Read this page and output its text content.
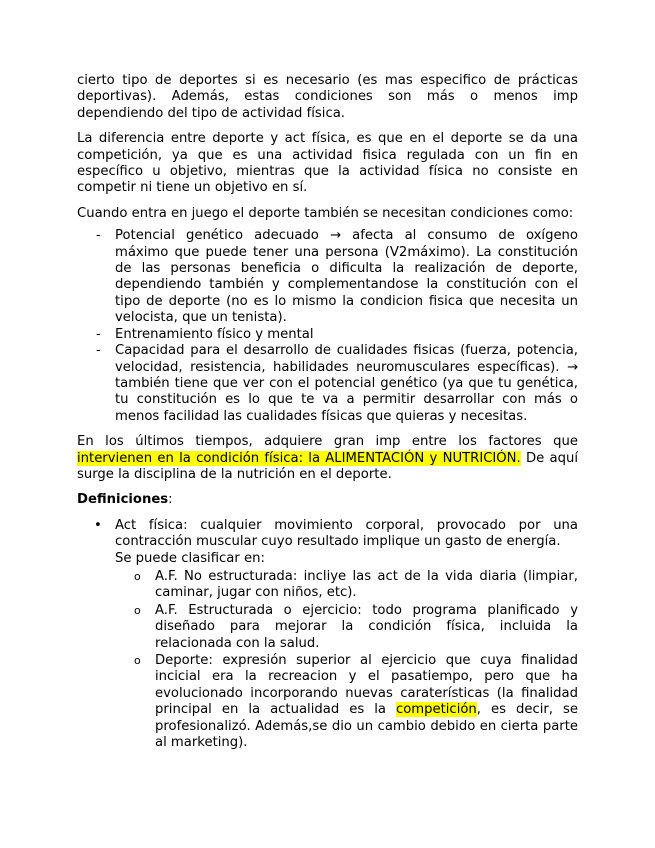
cierto tipo de deportes si es necesario (es mas especifico de prácticas deportivas). Además, estas condiciones son más o menos imp dependiendo del tipo de actividad física.

La diferencia entre deporte y act física, es que en el deporte se da una competición, ya que es una actividad fisica regulada con un fin en específico u objetivo, mientras que la actividad física no consiste en competir ni tiene un objetivo en sí.

Cuando entra en juego el deporte también se necesitan condiciones como:

- Potencial genético adecuado → afecta al consumo de oxígeno máximo que puede tener una persona (V2máximo). La constitución de las personas beneficia o dificulta la realización de deporte, dependiendo también y complementandose la constitución con el tipo de deporte (no es lo mismo la condicion fisica que necesita un velocista, que un tenista).
- Entrenamiento físico y mental
- Capacidad para el desarrollo de cualidades fisicas (fuerza, potencia, velocidad, resistencia, habilidades neuromusculares específicas). → también tiene que ver con el potencial genético (ya que tu genética, tu constitución es lo que te va a permitir desarrollar con más o menos facilidad las cualidades físicas que quieras y necesitas.

En los últimos tiempos, adquiere gran imp entre los factores que intervienen en la condición física: la ALIMENTACIÓN y NUTRICIÓN. De aquí surge la disciplina de la nutrición en el deporte.

Definiciones:
• Act física: cualquier movimiento corporal, provocado por una contracción muscular cuyo resultado implique un gasto de energía.
Se puede clasificar en:
o A.F. No estructurada: incliye las act de la vida diaria (limpiar, caminar, jugar con niños, etc).
o A.F. Estructurada o ejercicio: todo programa planificado y diseñado para mejorar la condición física, incluida la relacionada con la salud.
o Deporte: expresión superior al ejercicio que cuya finalidad incicial era la recreacion y el pasatiempo, pero que ha evolucionado incorporando nuevas caraterísticas (la finalidad principal en la actualidad es la competición, es decir, se profesionalizó. Además,se dio un cambio debido en cierta parte al marketing).
